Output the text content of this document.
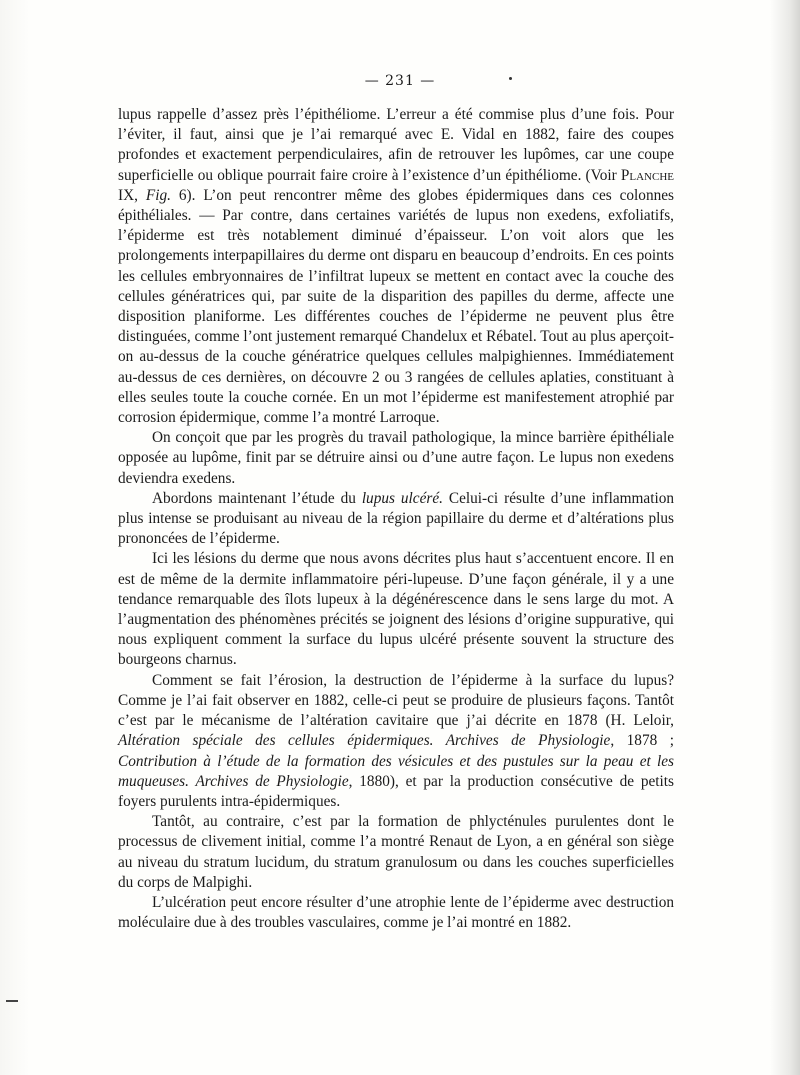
— 231 —

lupus rappelle d’assez près l’épithéliome. L’erreur a été commise plus d’une fois. Pour l’éviter, il faut, ainsi que je l’ai remarqué avec E. Vidal en 1882, faire des coupes profondes et exactement perpendiculaires, afin de retrouver les lupômes, car une coupe superficielle ou oblique pourrait faire croire à l’existence d’un épithéliome. (Voir Planche IX, Fig. 6). L’on peut rencontrer même des globes épidermiques dans ces colonnes épithéliales. — Par contre, dans certaines variétés de lupus non exedens, exfoliatifs, l’épiderme est très notablement diminué d’épaisseur. L’on voit alors que les prolongements interpapillaires du derme ont disparu en beaucoup d’endroits. En ces points les cellules embryonnaires de l’infiltrat lupeux se mettent en contact avec la couche des cellules génératrices qui, par suite de la disparition des papilles du derme, affecte une disposition planiforme. Les différentes couches de l’épiderme ne peuvent plus être distinguées, comme l’ont justement remarqué Chandelux et Rébatel. Tout au plus aperçoit-on au-dessus de la couche génératrice quelques cellules malpighiennes. Immédiatement au-dessus de ces dernières, on découvre 2 ou 3 rangées de cellules aplaties, constituant à elles seules toute la couche cornée. En un mot l’épiderme est manifestement atrophié par corrosion épidermique, comme l’a montré Larroque.

On conçoit que par les progrès du travail pathologique, la mince barrière épithéliale opposée au lupôme, finit par se détruire ainsi ou d’une autre façon. Le lupus non exedens deviendra exedens.

Abordons maintenant l’étude du lupus ulcéré. Celui-ci résulte d’une inflammation plus intense se produisant au niveau de la région papillaire du derme et d’altérations plus prononcées de l’épiderme.

Ici les lésions du derme que nous avons décrites plus haut s’accentuent encore. Il en est de même de la dermite inflammatoire péri-lupeuse. D’une façon générale, il y a une tendance remarquable des îlots lupeux à la dégénérescence dans le sens large du mot. A l’augmentation des phénomènes précités se joignent des lésions d’origine suppurative, qui nous expliquent comment la surface du lupus ulcéré présente souvent la structure des bourgeons charnus.

Comment se fait l’érosion, la destruction de l’épiderme à la surface du lupus? Comme je l’ai fait observer en 1882, celle-ci peut se produire de plusieurs façons. Tantôt c’est par le mécanisme de l’altération cavitaire que j’ai décrite en 1878 (H. Leloir, Altération spéciale des cellules épidermiques. Archives de Physiologie, 1878 ; Contribution à l’étude de la formation des vésicules et des pustules sur la peau et les muqueuses. Archives de Physiologie, 1880), et par la production consécutive de petits foyers purulents intra-épidermiques.

Tantôt, au contraire, c’est par la formation de phlycténules purulentes dont le processus de clivement initial, comme l’a montré Renaut de Lyon, a en général son siège au niveau du stratum lucidum, du stratum granulosum ou dans les couches superficielles du corps de Malpighi.

L’ulcération peut encore résulter d’une atrophie lente de l’épiderme avec destruction moléculaire due à des troubles vasculaires, comme je l’ai montré en 1882.
